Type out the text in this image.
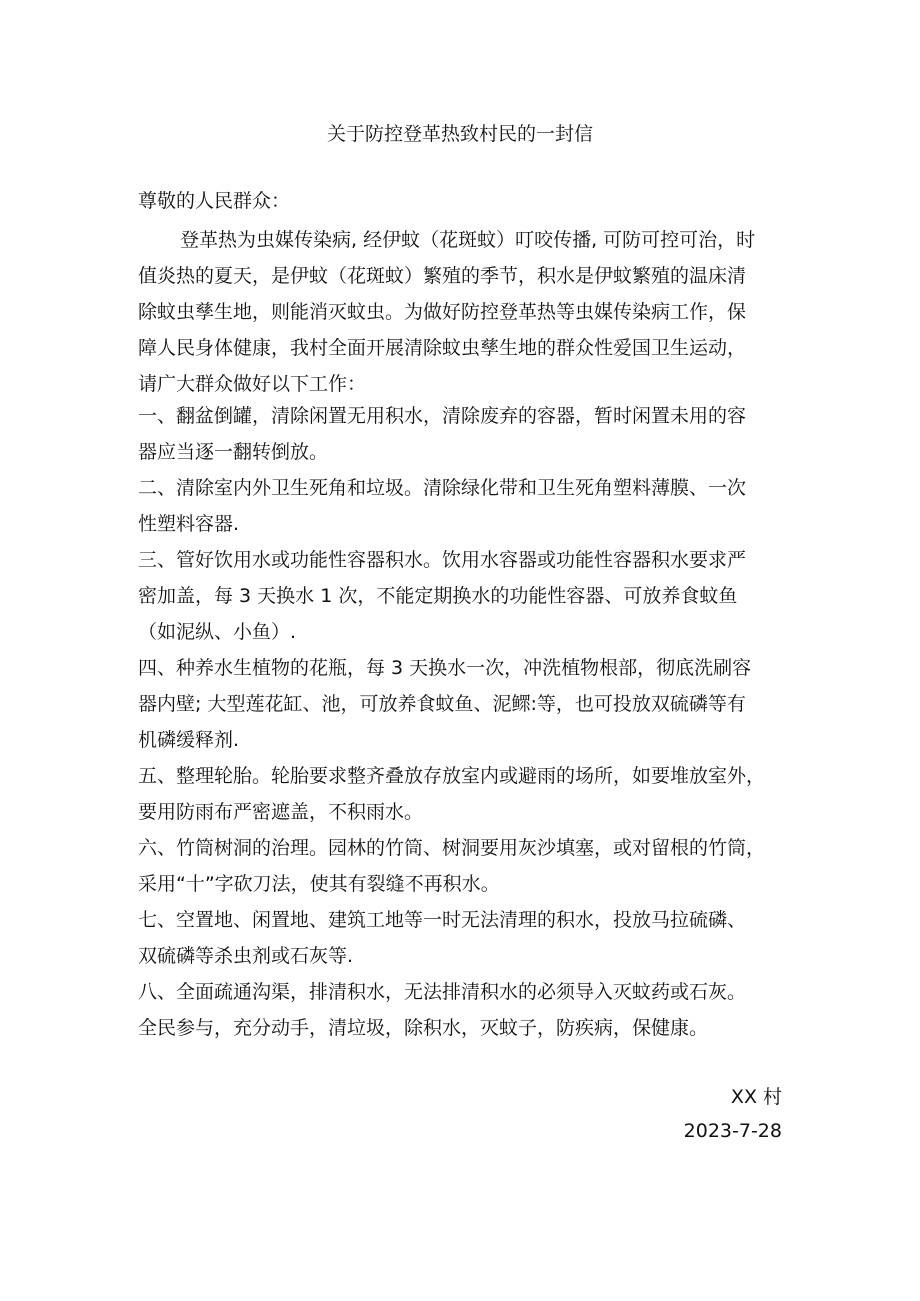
关于防控登革热致村民的一封信
尊敬的人民群众：
登革热为虫媒传染病, 经伊蚊（花斑蚊）叮咬传播, 可防可控可治，时
值炎热的夏天，是伊蚊（花斑蚊）繁殖的季节，积水是伊蚊繁殖的温床清
除蚊虫孳生地，则能消灭蚊虫。为做好防控登革热等虫媒传染病工作，保
障人民身体健康，我村全面开展清除蚊虫孳生地的群众性爱国卫生运动，
请广大群众做好以下工作：
一、翻盆倒罐，清除闲置无用积水，清除废弃的容器，暂时闲置未用的容
器应当逐一翻转倒放。
二、清除室内外卫生死角和垃圾。清除绿化带和卫生死角塑料薄膜、一次
性塑料容器.
三、管好饮用水或功能性容器积水。饮用水容器或功能性容器积水要求严
密加盖，每 3 天换水 1 次，不能定期换水的功能性容器、可放养食蚊鱼
（如泥纵、小鱼）.
四、种养水生植物的花瓶，每 3 天换水一次，冲洗植物根部，彻底洗刷容
器内壁; 大型莲花缸、池，可放养食蚊鱼、泥鳏:等，也可投放双硫磷等有
机磷缓释剂.
五、整理轮胎。轮胎要求整齐叠放存放室内或避雨的场所，如要堆放室外，
要用防雨布严密遮盖，不积雨水。
六、竹筒树洞的治理。园林的竹筒、树洞要用灰沙填塞，或对留根的竹筒，
采用“十”字砍刀法，使其有裂缝不再积水。
七、空置地、闲置地、建筑工地等一时无法清理的积水，投放马拉硫磷、
双硫磷等杀虫剂或石灰等.
八、全面疏通沟渠，排清积水，无法排清积水的必须导入灭蚊药或石灰。
全民参与，充分动手，清垃圾，除积水，灭蚊子，防疾病，保健康。
XX 村
2023-7-28
